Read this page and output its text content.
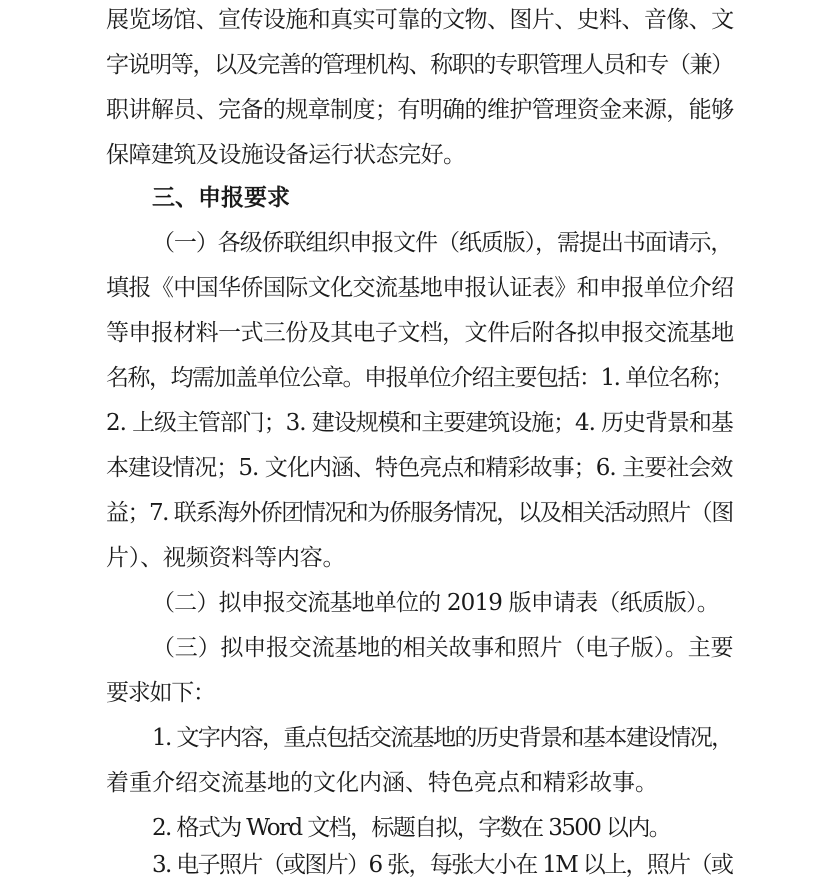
展览场馆、宣传设施和真实可靠的文物、图片、史料、音像、文
字说明等，以及完善的管理机构、称职的专职管理人员和专（兼）
职讲解员、完备的规章制度；有明确的维护管理资金来源，能够
保障建筑及设施设备运行状态完好。
三、申报要求
（一）各级侨联组织申报文件（纸质版），需提出书面请示，
填报《中国华侨国际文化交流基地申报认证表》和申报单位介绍
等申报材料一式三份及其电子文档，文件后附各拟申报交流基地
名称，均需加盖单位公章。申报单位介绍主要包括：1. 单位名称；
2. 上级主管部门；3. 建设规模和主要建筑设施；4. 历史背景和基
本建设情况；5. 文化内涵、特色亮点和精彩故事；6. 主要社会效
益；7. 联系海外侨团情况和为侨服务情况，以及相关活动照片（图
片）、视频资料等内容。
（二）拟申报交流基地单位的 2019 版申请表（纸质版）。
（三）拟申报交流基地的相关故事和照片（电子版）。主要
要求如下：
1. 文字内容，重点包括交流基地的历史背景和基本建设情况，
着重介绍交流基地的文化内涵、特色亮点和精彩故事。
2. 格式为 Word 文档，标题自拟，字数在 3500 以内。
3. 电子照片（或图片）6 张，每张大小在 1M 以上，照片（或
